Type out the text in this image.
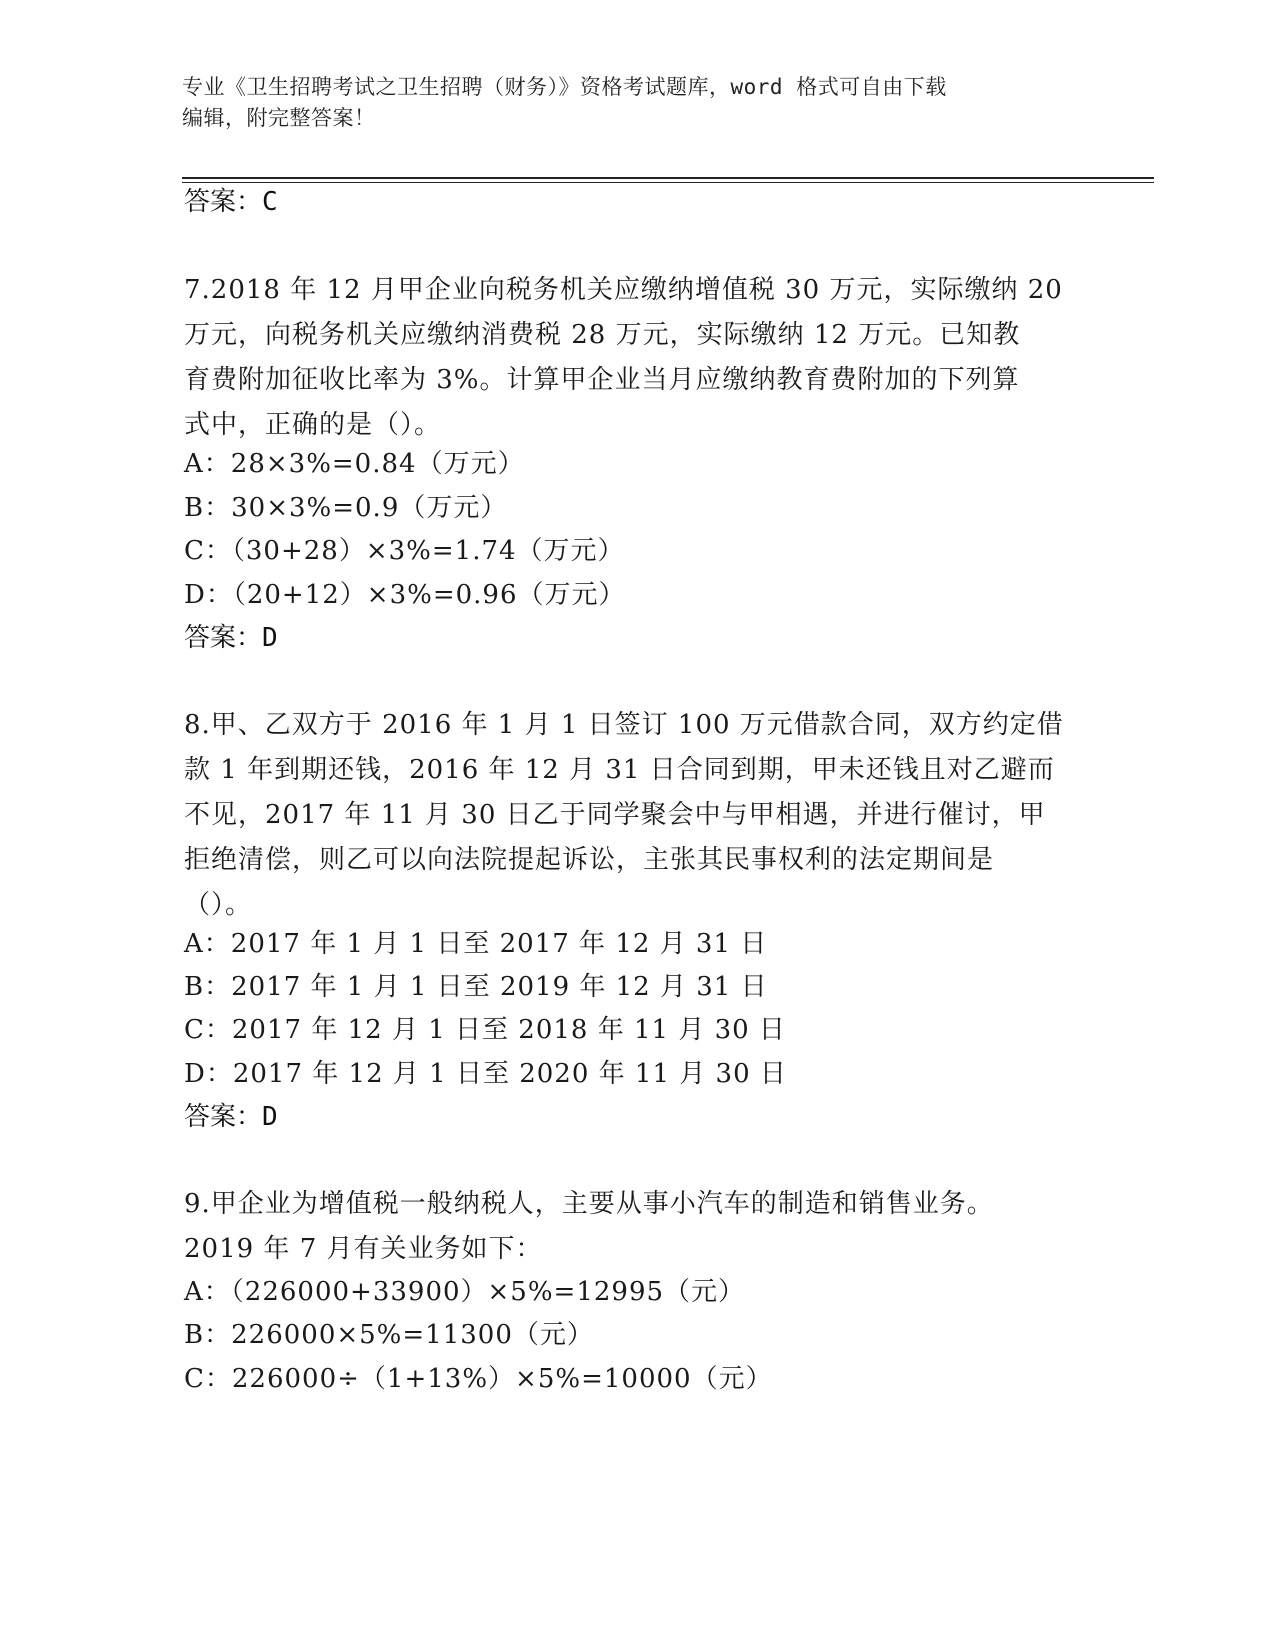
专业《卫生招聘考试之卫生招聘（财务）》资格考试题库，word 格式可自由下载
编辑，附完整答案！
答案：C
7.2018 年 12 月甲企业向税务机关应缴纳增值税 30 万元，实际缴纳 20
万元，向税务机关应缴纳消费税 28 万元，实际缴纳 12 万元。已知教
育费附加征收比率为 3%。计算甲企业当月应缴纳教育费附加的下列算
式中，正确的是（）。
A：28×3%=0.84（万元）
B：30×3%=0.9（万元）
C：（30+28）×3%=1.74（万元）
D：（20+12）×3%=0.96（万元）
答案：D
8.甲、乙双方于 2016 年 1 月 1 日签订 100 万元借款合同，双方约定借
款 1 年到期还钱，2016 年 12 月 31 日合同到期，甲未还钱且对乙避而
不见，2017 年 11 月 30 日乙于同学聚会中与甲相遇，并进行催讨，甲
拒绝清偿，则乙可以向法院提起诉讼，主张其民事权利的法定期间是
（）。
A：2017 年 1 月 1 日至 2017 年 12 月 31 日
B：2017 年 1 月 1 日至 2019 年 12 月 31 日
C：2017 年 12 月 1 日至 2018 年 11 月 30 日
D：2017 年 12 月 1 日至 2020 年 11 月 30 日
答案：D
9.甲企业为增值税一般纳税人，主要从事小汽车的制造和销售业务。
2019 年 7 月有关业务如下：
A：（226000+33900）×5%=12995（元）
B：226000×5%=11300（元）
C：226000÷（1+13%）×5%=10000（元）
